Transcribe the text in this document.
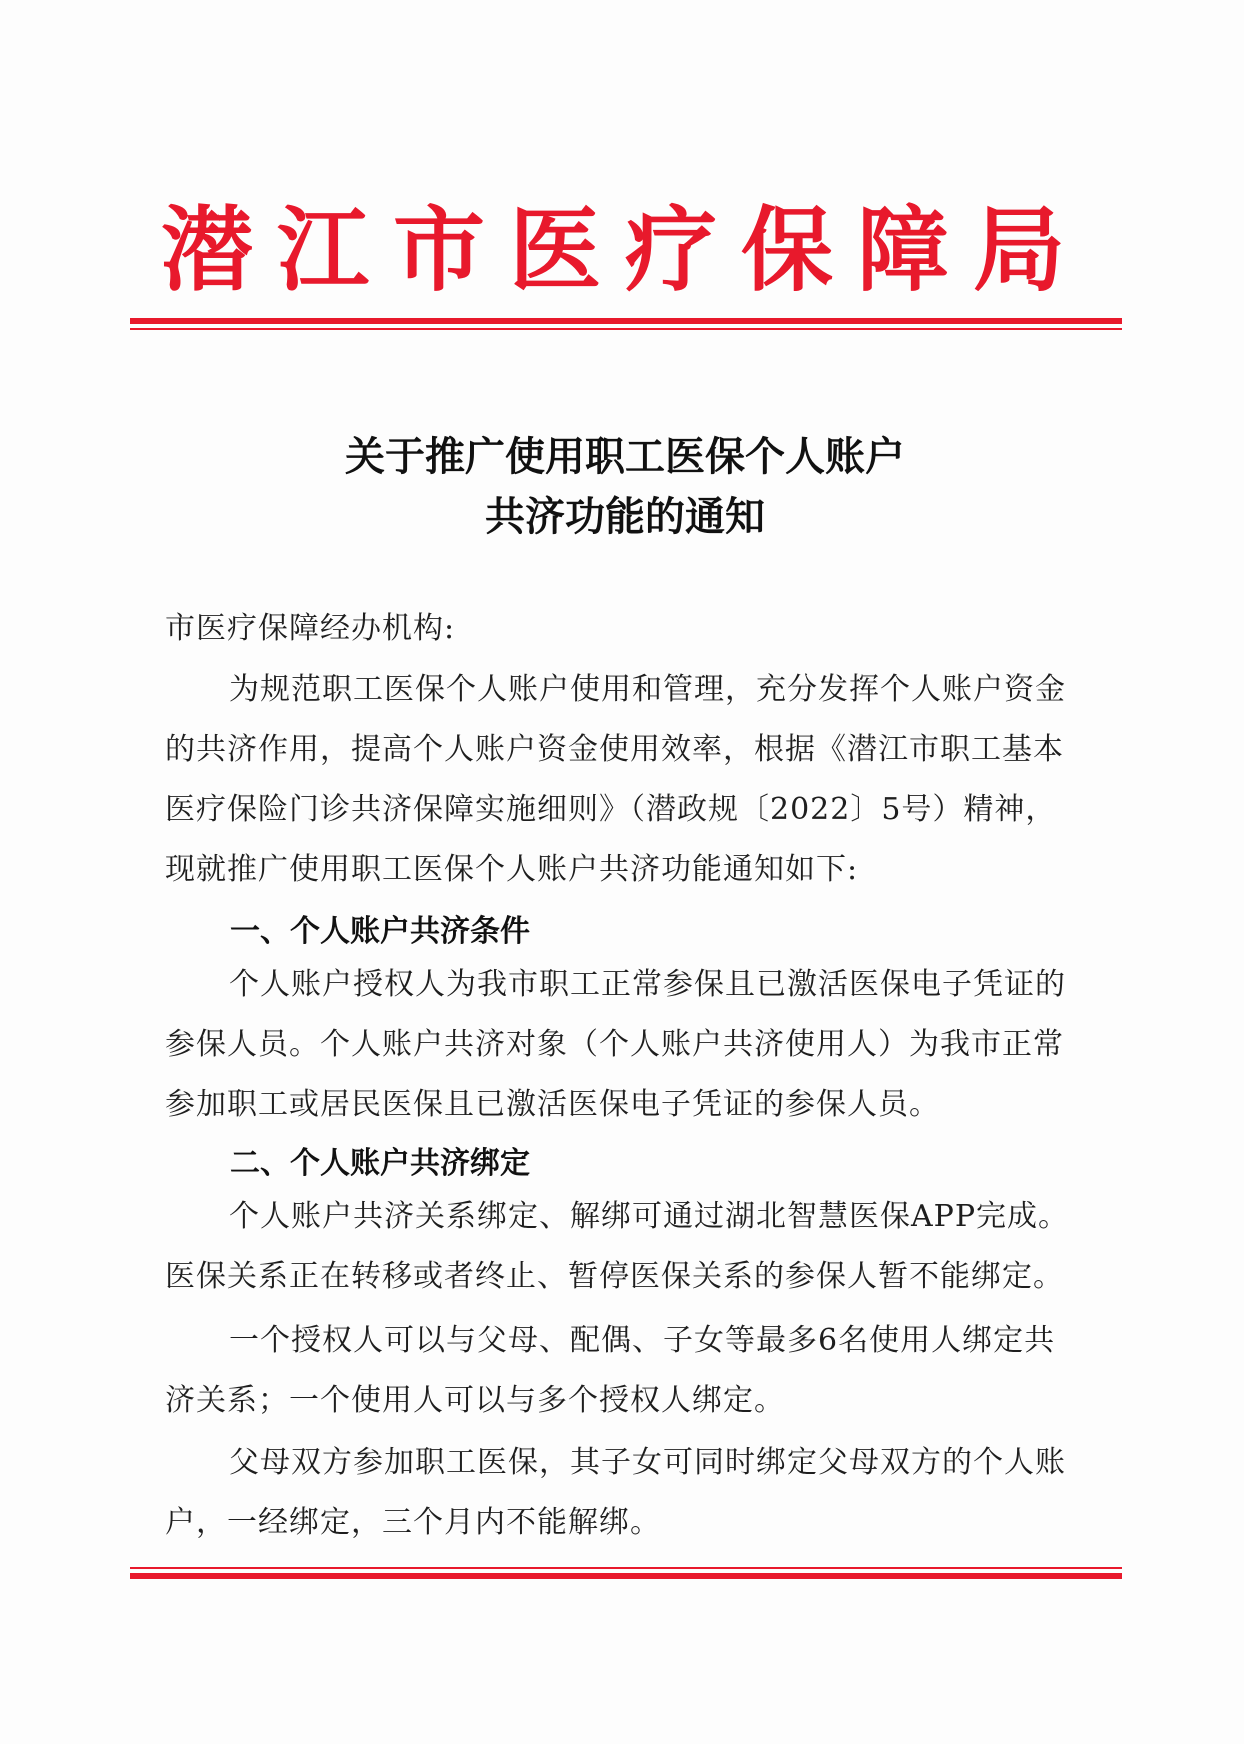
潜江市医疗保障局
关于推广使用职工医保个人账户
共济功能的通知
市医疗保障经办机构:

为规范职工医保个人账户使用和管理，充分发挥个人账户资金的共济作用，提高个人账户资金使用效率，根据《潜江市职工基本医疗保险门诊共济保障实施细则》（潜政规〔2022〕5号）精神，现就推广使用职工医保个人账户共济功能通知如下:

一、个人账户共济条件

个人账户授权人为我市职工正常参保且已激活医保电子凭证的参保人员。个人账户共济对象（个人账户共济使用人）为我市正常参加职工或居民医保且已激活医保电子凭证的参保人员。

二、个人账户共济绑定

个人账户共济关系绑定、解绑可通过湖北智慧医保APP完成。医保关系正在转移或者终止、暂停医保关系的参保人暂不能绑定。

一个授权人可以与父母、配偶、子女等最多6名使用人绑定共济关系；一个使用人可以与多个授权人绑定。

父母双方参加职工医保，其子女可同时绑定父母双方的个人账户，一经绑定，三个月内不能解绑。
